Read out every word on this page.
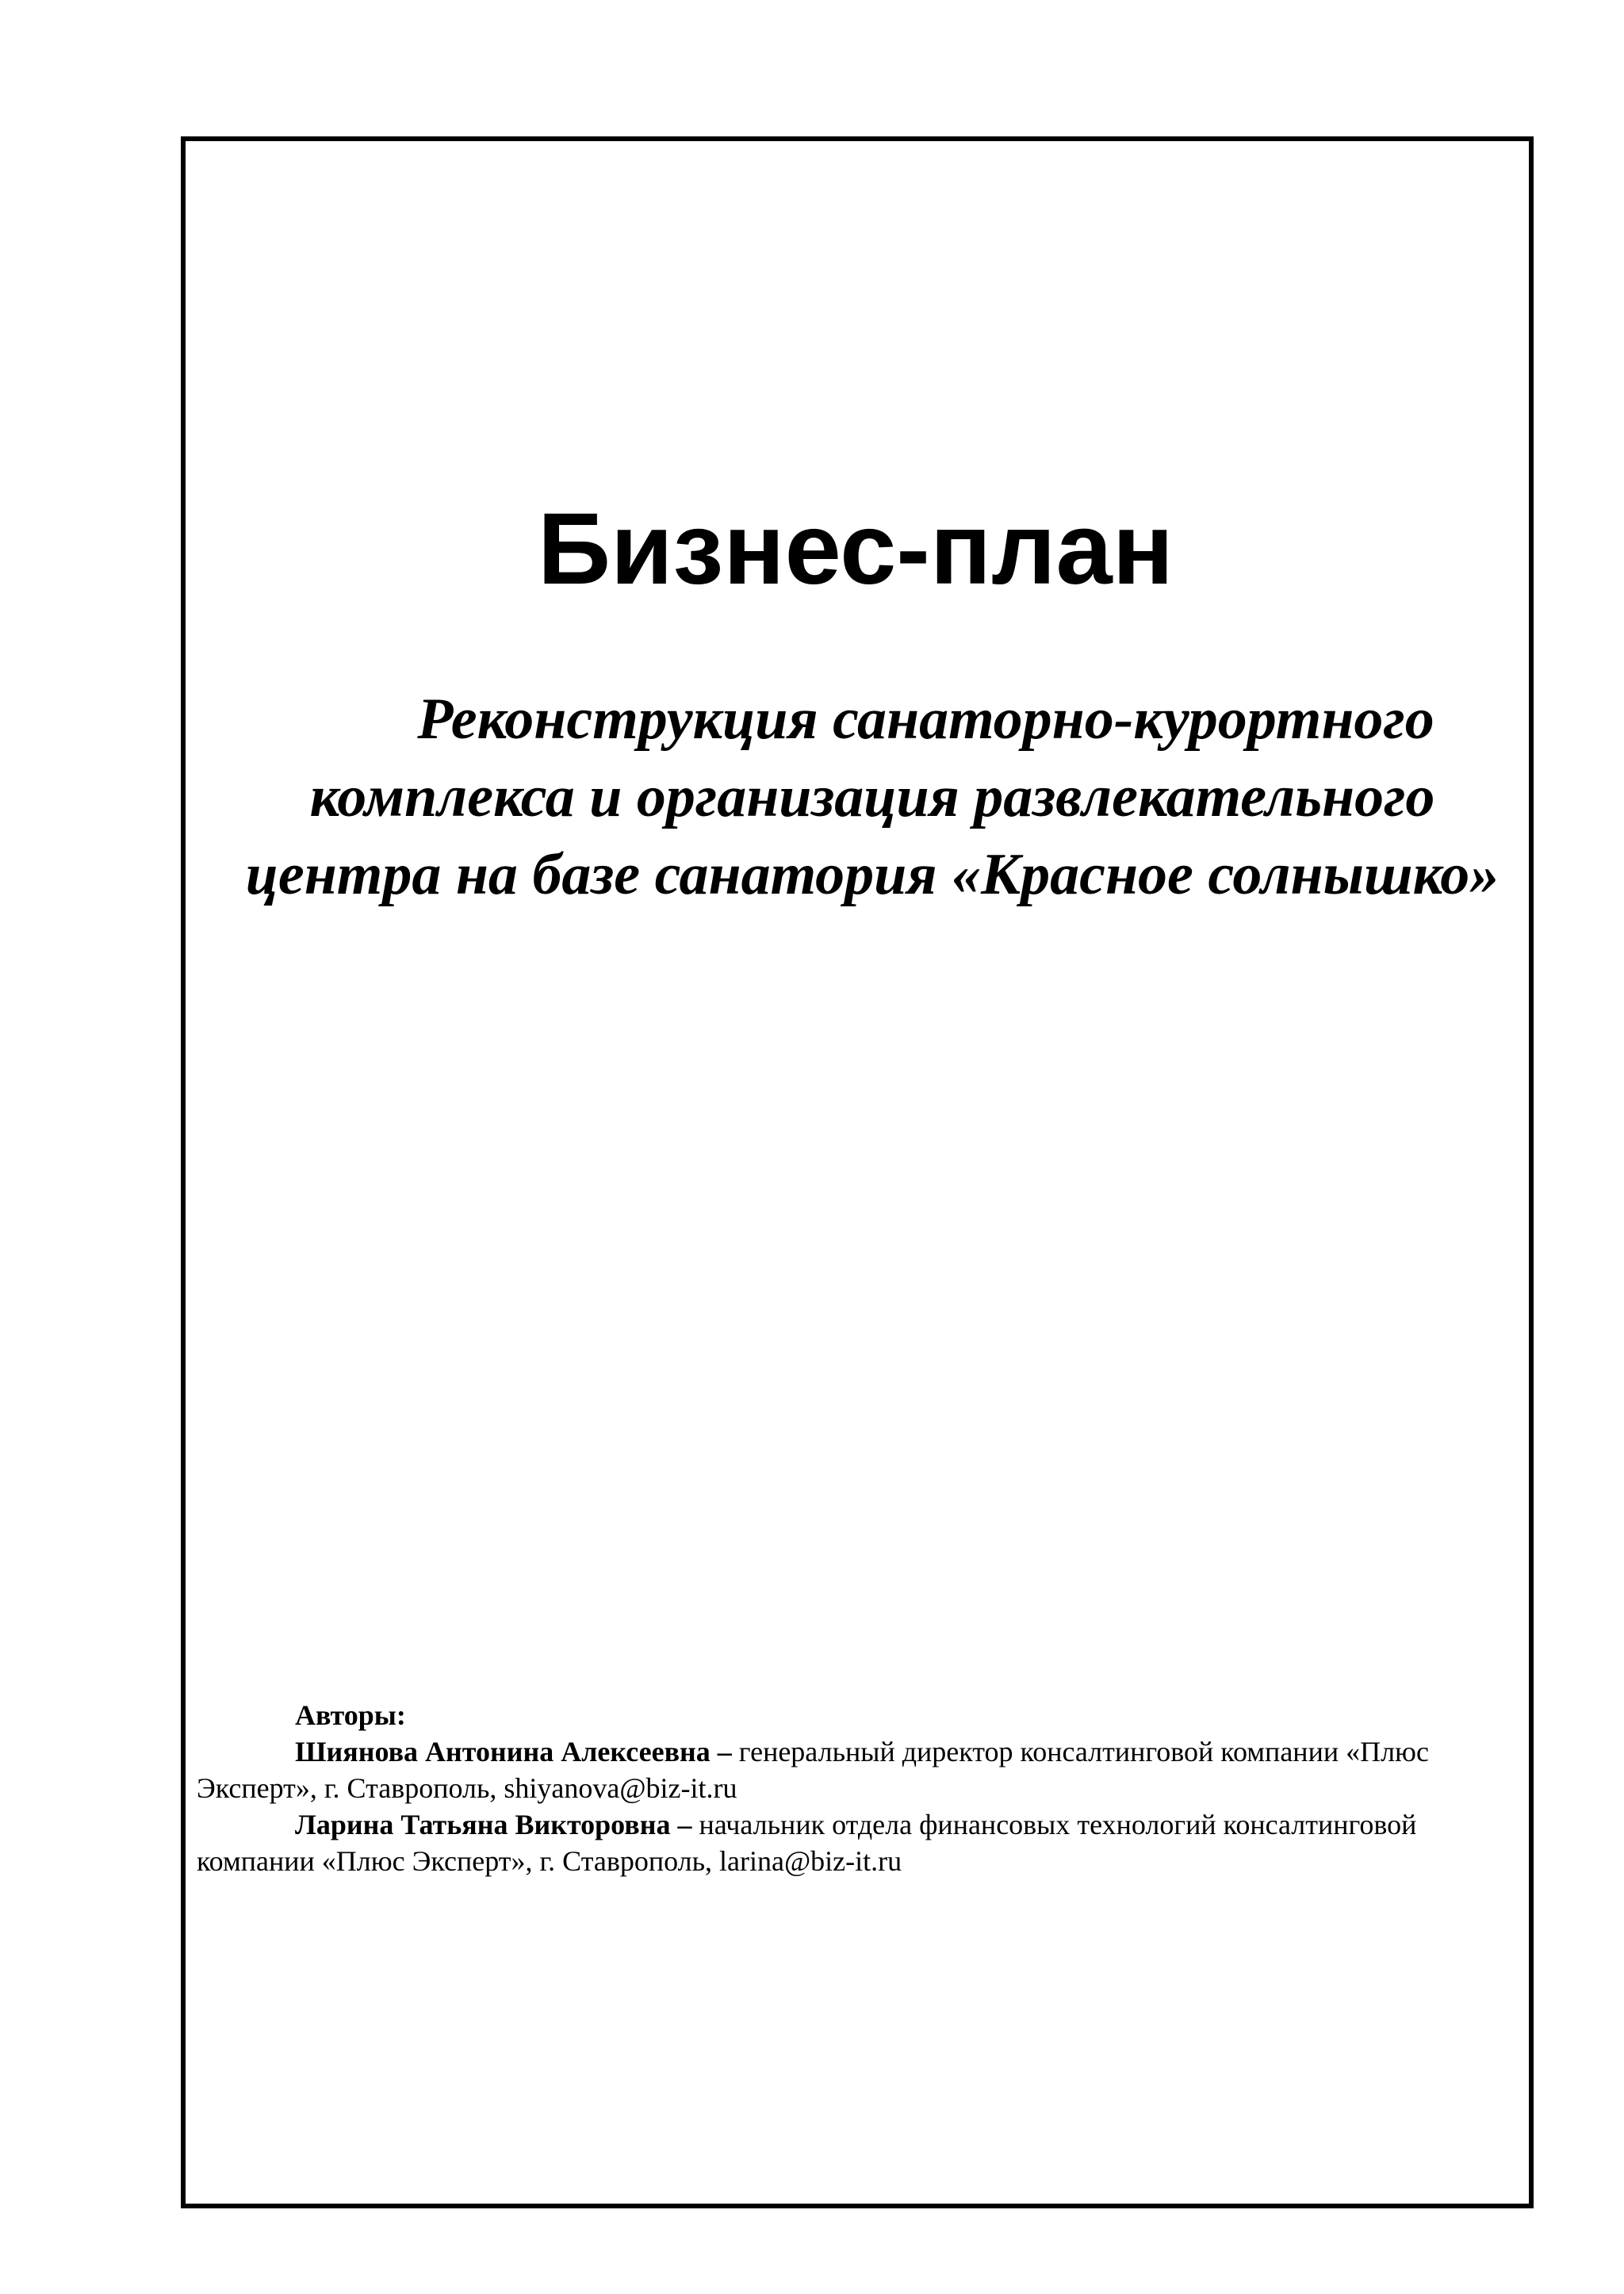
Бизнес-план

Реконструкция санаторно-курортного комплекса и организация развлекательного центра на базе санатория «Красное солнышко»

Авторы:

Шиянова Антонина Алексеевна – генеральный директор консалтинговой компании «Плюс Эксперт», г. Ставрополь, shiyanova@biz-it.ru

Ларина Татьяна Викторовна – начальник отдела финансовых технологий консалтинговой компании «Плюс Эксперт», г. Ставрополь, larina@biz-it.ru
